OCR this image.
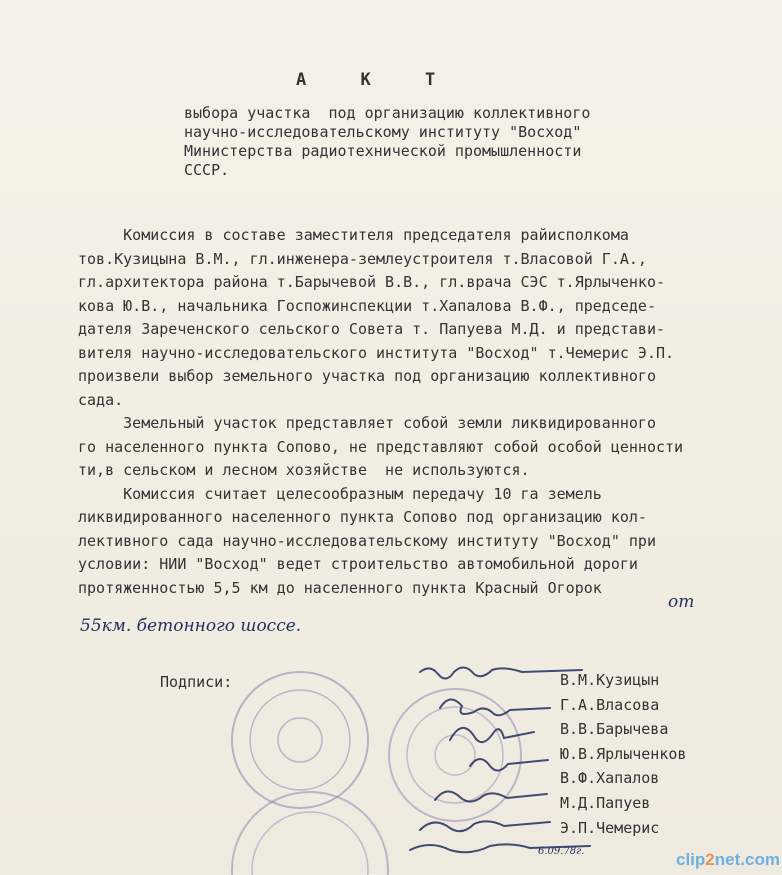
А К Т
выбора участка  под организацию коллективного
научно-исследовательскому институту "Восход"
Министерства радиотехнической промышленности
СССР.
Комиссия в составе заместителя председателя райисполкома
тов.Кузицына В.М., гл.инженера-землеустроителя т.Власовой Г.А.,
гл.архитектора района т.Барычевой В.В., гл.врача СЭС т.Ярлыченко-
кова Ю.В., начальника Госпожинспекции т.Хапалова В.Ф., председе-
дателя Зареченского сельского Совета т. Папуева М.Д. и представи-
вителя научно-исследовательского института "Восход" т.Чемерис Э.П.
произвели выбор земельного участка под организацию коллективного
сада.
Земельный участок представляет собой земли ликвидированного
го населенного пункта Сопово, не представляют собой особой ценности
ти,в сельском и лесном хозяйстве  не используются.
Комиссия считает целесообразным передачу 10 га земель
ликвидированного населенного пункта Сопово под организацию кол-
лективного сада научно-исследовательскому институту "Восход" при
условии: НИИ "Восход" ведет строительство автомобильной дороги
протяженностью 5,5 км до населенного пункта Красный Огорок
от
55км. бетонного шоссе.
Подписи:	В.М.Кузицын
Г.А.Власова
В.В.Барычева
Ю.В.Ярлыченков
В.Ф.Хапалов
М.Д.Папуев
Э.П.Чемерис
6.09.78г.	clip2net.com
